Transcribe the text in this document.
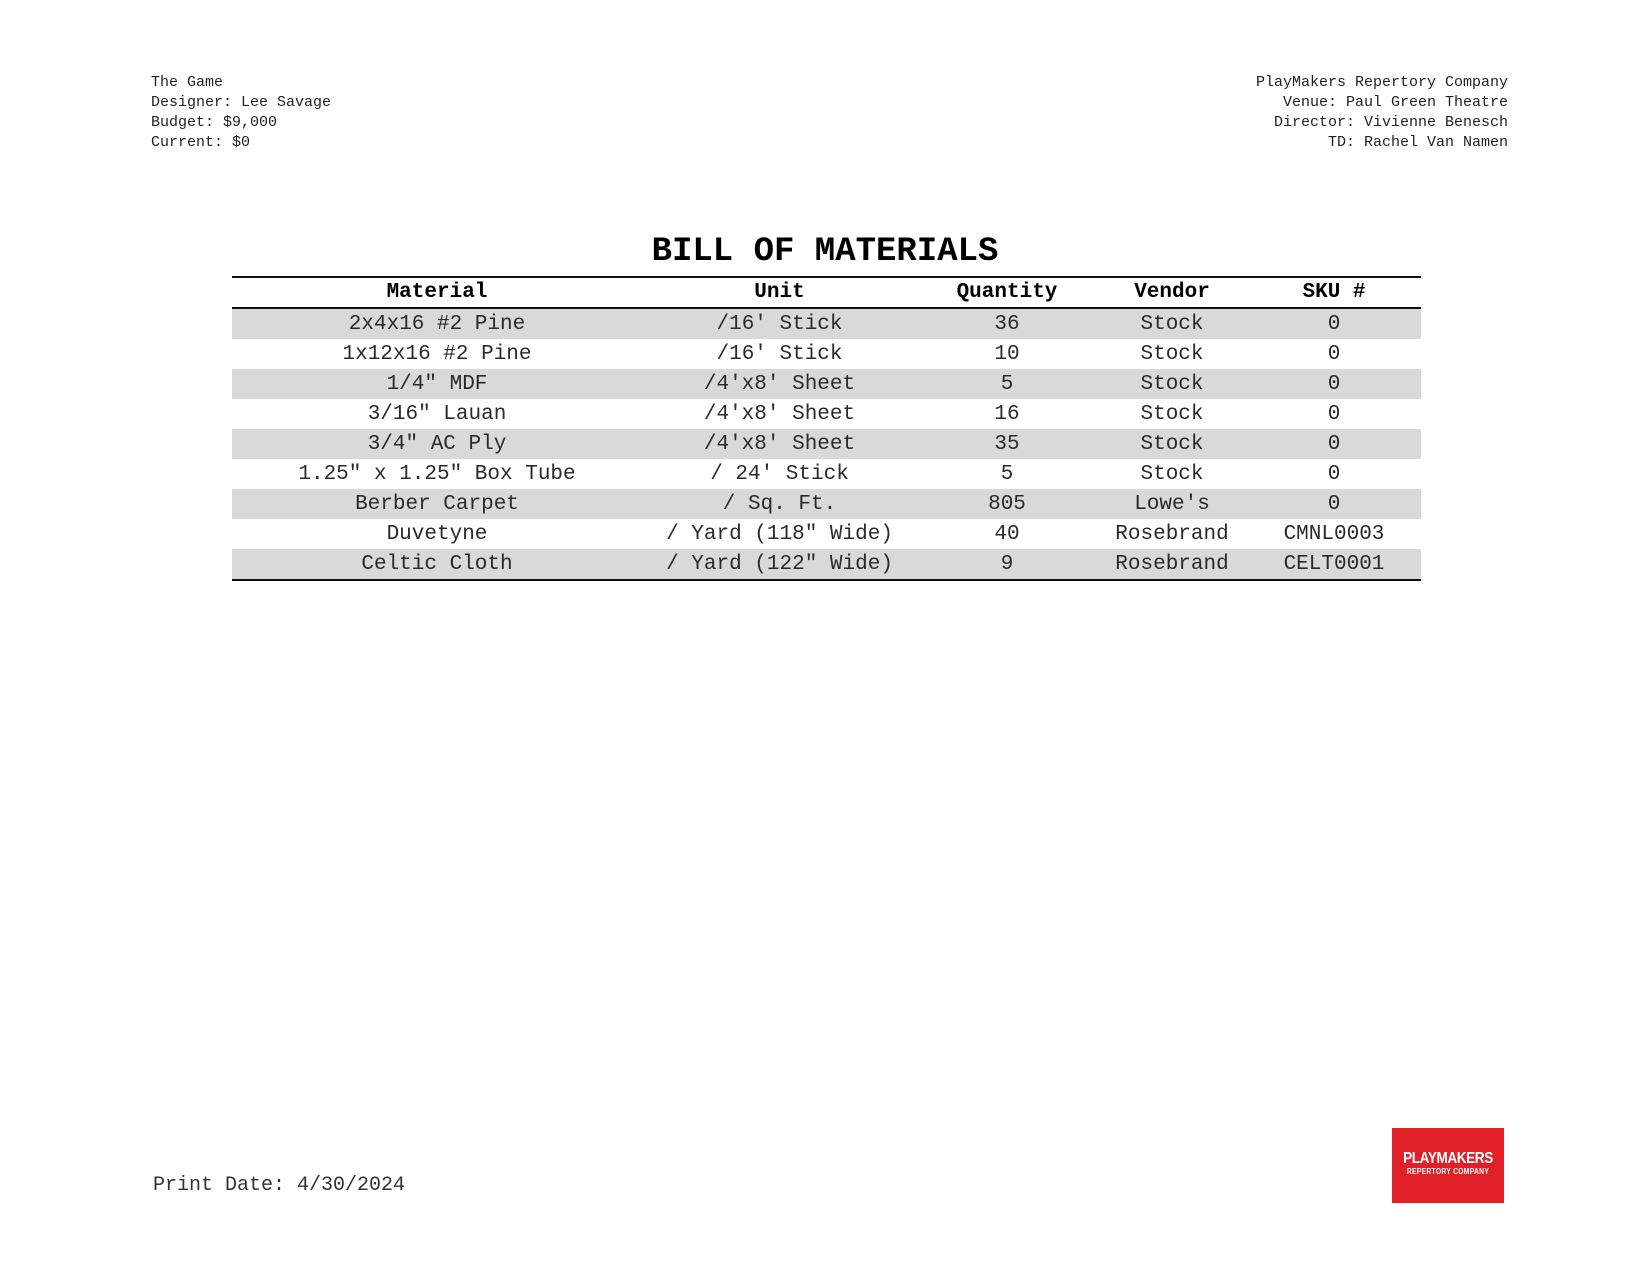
The Game
Designer: Lee Savage
Budget: $9,000
Current: $0
PlayMakers Repertory Company
Venue: Paul Green Theatre
Director: Vivienne Benesch
TD: Rachel Van Namen
BILL OF MATERIALS
Material	Unit	Quantity	Vendor	SKU #
2x4x16 #2 Pine	/16' Stick	36	Stock	0
1x12x16 #2 Pine	/16' Stick	10	Stock	0
1/4" MDF	/4'x8' Sheet	5	Stock	0
3/16" Lauan	/4'x8' Sheet	16	Stock	0
3/4" AC Ply	/4'x8' Sheet	35	Stock	0
1.25" x 1.25" Box Tube	/ 24' Stick	5	Stock	0
Berber Carpet	/ Sq. Ft.	805	Lowe's	0
Duvetyne	/ Yard (118" Wide)	40	Rosebrand	CMNL0003
Celtic Cloth	/ Yard (122" Wide)	9	Rosebrand	CELT0001
Print Date: 4/30/2024
PLAYMAKERS
REPERTORY COMPANY
